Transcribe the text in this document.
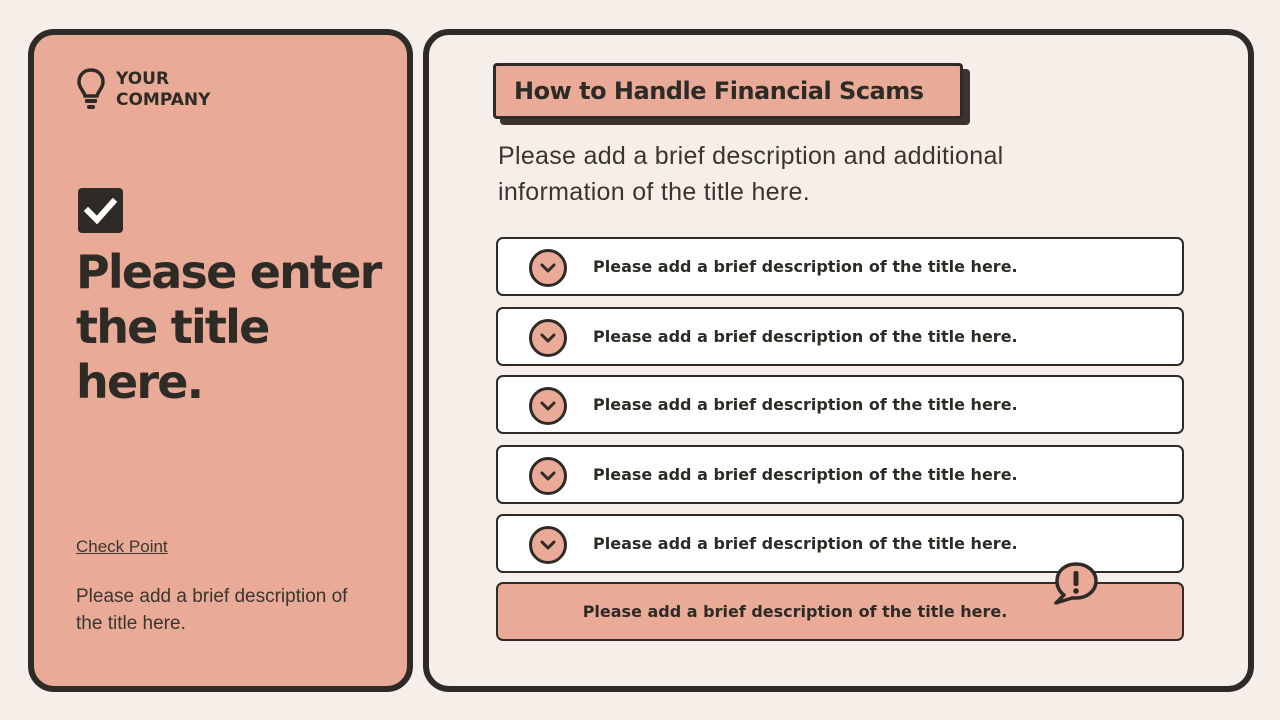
YOUR
COMPANY
Please enter the title here.
Check Point
Please add a brief description of the title here.
How to Handle Financial Scams
Please add a brief description and additional information of the title here.
Please add a brief description of the title here.
Please add a brief description of the title here.
Please add a brief description of the title here.
Please add a brief description of the title here.
Please add a brief description of the title here.
Please add a brief description of the title here.
